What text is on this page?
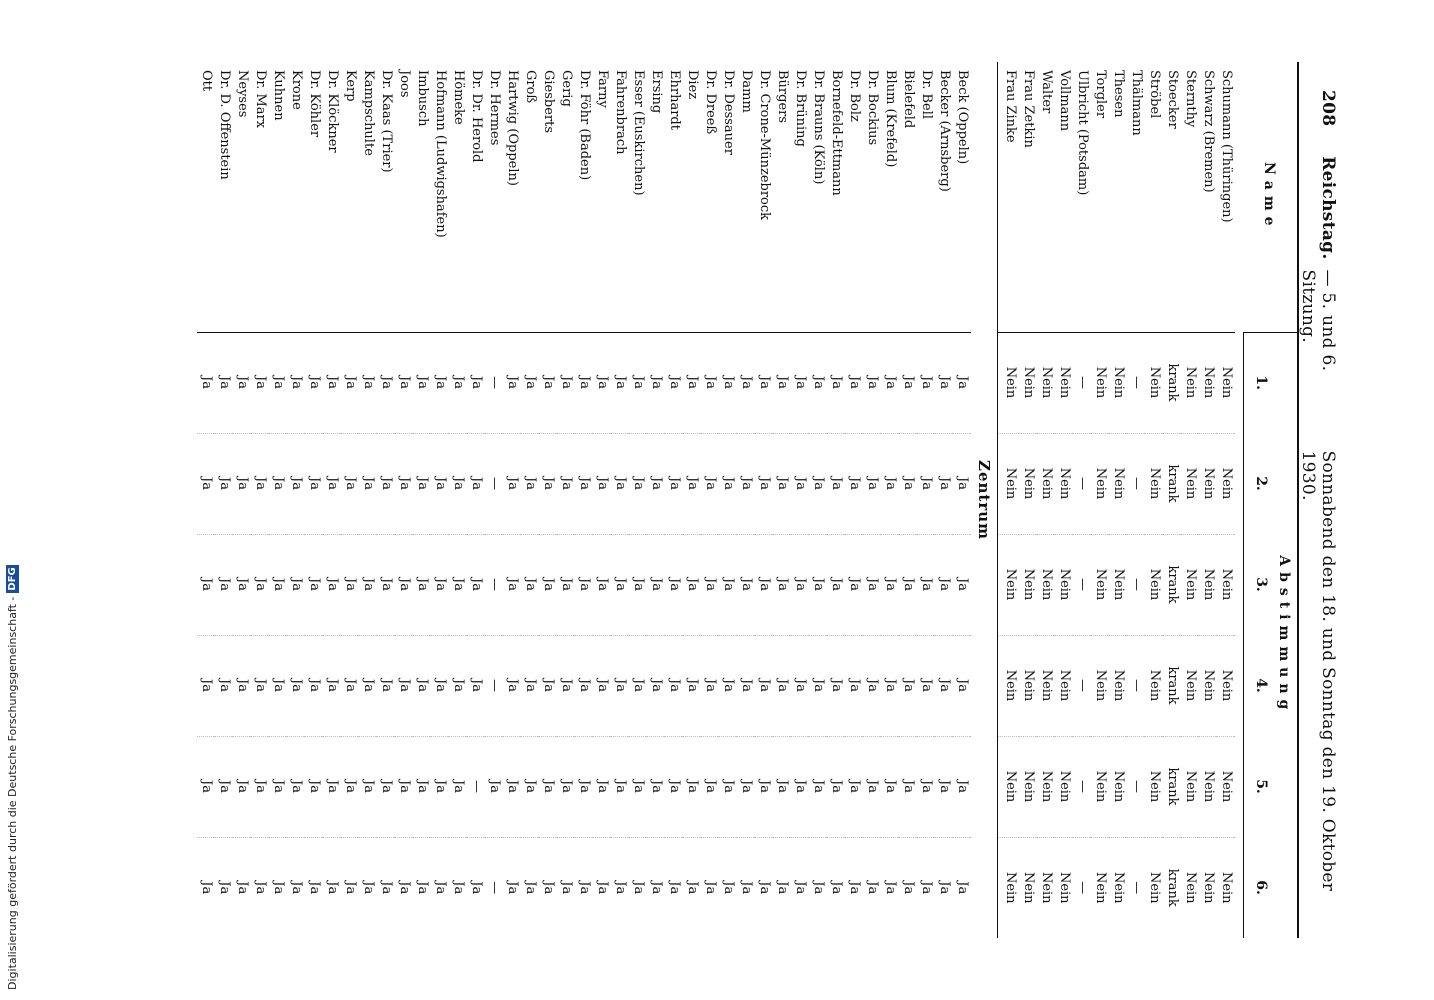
208
Reichstag.
— 5. und 6. Sitzung.
Sonnabend den 18. und Sonntag den 19. Oktober 1930.
Name	Abstimmung					
	1.	2.	3.	4.	5.	6.

Schumann (Thüringen)	Nein	Nein	Nein	Nein	Nein	Nein
Schwarz (Bremen)	Nein	Nein	Nein	Nein	Nein	Nein
Sternthy	Nein	Nein	Nein	Nein	Nein	Nein
Stoecker	krank	krank	krank	krank	krank	krank
Ströbel	Nein	Nein	Nein	Nein	Nein	Nein
Thälmann	—	—	—	—	—	—
Thesen	Nein	Nein	Nein	Nein	Nein	Nein
Torgler	Nein	Nein	Nein	Nein	Nein	Nein
Ulbricht (Potsdam)	—	—	—	—	—	—
Vollmann	Nein	Nein	Nein	Nein	Nein	Nein
Walter	Nein	Nein	Nein	Nein	Nein	Nein
Frau Zetkin	Nein	Nein	Nein	Nein	Nein	Nein
Frau Zinke	Nein	Nein	Nein	Nein	Nein	Nein
Zentrum						
Beck (Oppeln)	Ja	Ja	Ja	Ja	Ja	Ja
Becker (Arnsberg)	Ja	Ja	Ja	Ja	Ja	Ja
Dr. Bell	Ja	Ja	Ja	Ja	Ja	Ja
Bielefeld	Ja	Ja	Ja	Ja	Ja	Ja
Blum (Krefeld)	Ja	Ja	Ja	Ja	Ja	Ja
Dr. Bockius	Ja	Ja	Ja	Ja	Ja	Ja
Dr. Bolz	Ja	Ja	Ja	Ja	Ja	Ja
Bornefeld-Ettmann	Ja	Ja	Ja	Ja	Ja	Ja
Dr. Brauns (Köln)	Ja	Ja	Ja	Ja	Ja	Ja
Dr. Brüning	Ja	Ja	Ja	Ja	Ja	Ja
Bürgers	Ja	Ja	Ja	Ja	Ja	Ja
Dr. Crone-Münzebrock	Ja	Ja	Ja	Ja	Ja	Ja
Damm	Ja	Ja	Ja	Ja	Ja	Ja
Dr. Dessauer	Ja	Ja	Ja	Ja	Ja	Ja
Dr. Dreeß	Ja	Ja	Ja	Ja	Ja	Ja
Diez	Ja	Ja	Ja	Ja	Ja	Ja
Ehrhardt	Ja	Ja	Ja	Ja	Ja	Ja
Ersing	Ja	Ja	Ja	Ja	Ja	Ja
Esser (Euskirchen)	Ja	Ja	Ja	Ja	Ja	Ja
Fahrenbrach	Ja	Ja	Ja	Ja	Ja	Ja
Farny	Ja	Ja	Ja	Ja	Ja	Ja
Dr. Föhr (Baden)	Ja	Ja	Ja	Ja	Ja	Ja
Gerig	Ja	Ja	Ja	Ja	Ja	Ja
Giesberts	Ja	Ja	Ja	Ja	Ja	Ja
Groß	Ja	Ja	Ja	Ja	Ja	Ja
Hartwig (Oppeln)	Ja	Ja	Ja	Ja	Ja	Ja
Dr. Hermes	—	—	—	—	Ja	—
Dr. Dr. Herold	Ja	Ja	Ja	Ja	—	Ja
Hömeke	Ja	Ja	Ja	Ja	Ja	Ja
Hofmann (Ludwigshafen)	Ja	Ja	Ja	Ja	Ja	Ja
Imbusch	Ja	Ja	Ja	Ja	Ja	Ja
Joos	Ja	Ja	Ja	Ja	Ja	Ja
Dr. Kaas (Trier)	Ja	Ja	Ja	Ja	Ja	Ja
Kampschulte	Ja	Ja	Ja	Ja	Ja	Ja
Kerp	Ja	Ja	Ja	Ja	Ja	Ja
Dr. Klöckner	Ja	Ja	Ja	Ja	Ja	Ja
Dr. Köhler	Ja	Ja	Ja	Ja	Ja	Ja
Krone	Ja	Ja	Ja	Ja	Ja	Ja
Kuhnen	Ja	Ja	Ja	Ja	Ja	Ja
Dr. Marx	Ja	Ja	Ja	Ja	Ja	Ja
Neyses	Ja	Ja	Ja	Ja	Ja	Ja
Dr. D. Offenstein	Ja	Ja	Ja	Ja	Ja	Ja
Ott	Ja	Ja	Ja	Ja	Ja	Ja
Digitalisierung gefördert durch die Deutsche Forschungsgemeinschaft -
DFG
